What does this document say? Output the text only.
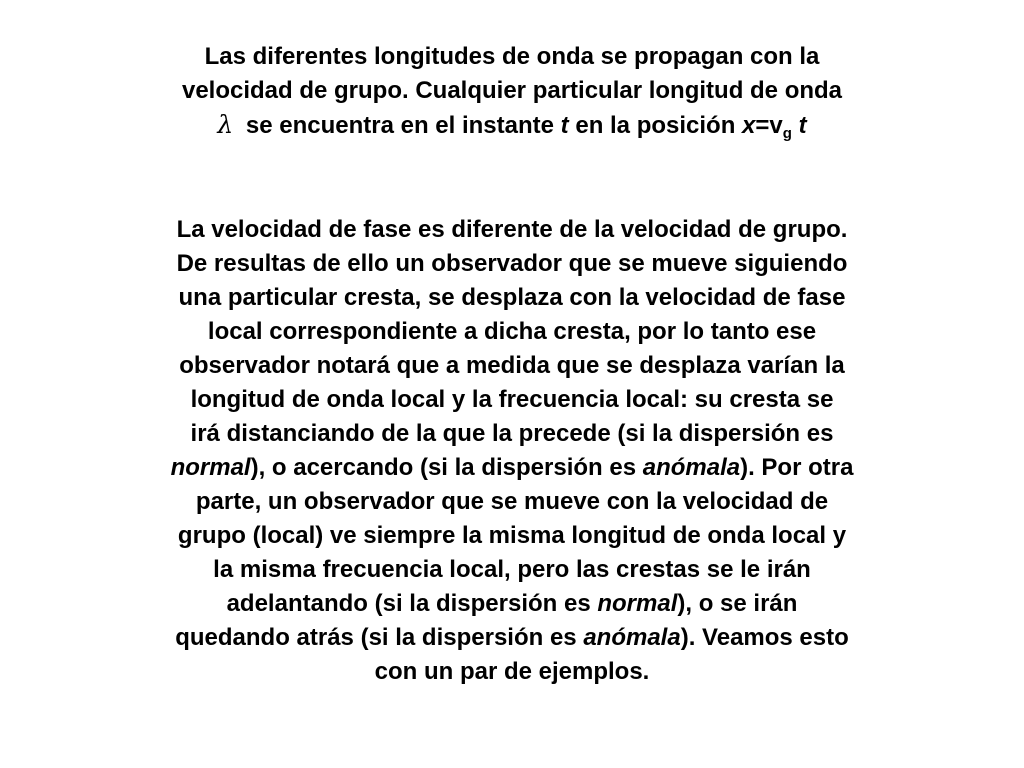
Las diferentes longitudes de onda se propagan con la
velocidad de grupo. Cualquier particular longitud de onda
λ se encuentra en el instante t en la posición $x=v_g$ t
La velocidad de fase es diferente de la velocidad de grupo.
De resultas de ello un observador que se mueve siguiendo
una particular cresta, se desplaza con la velocidad de fase
local correspondiente a dicha cresta, por lo tanto ese
observador notará que a medida que se desplaza varían la
longitud de onda local y la frecuencia local: su cresta se
irá distanciando de la que la precede (si la dispersión es
normal), o acercando (si la dispersión es anómala). Por otra
parte, un observador que se mueve con la velocidad de
grupo (local) ve siempre la misma longitud de onda local y
la misma frecuencia local, pero las crestas se le irán
adelantando (si la dispersión es normal), o se irán
quedando atrás (si la dispersión es anómala). Veamos esto
con un par de ejemplos.
